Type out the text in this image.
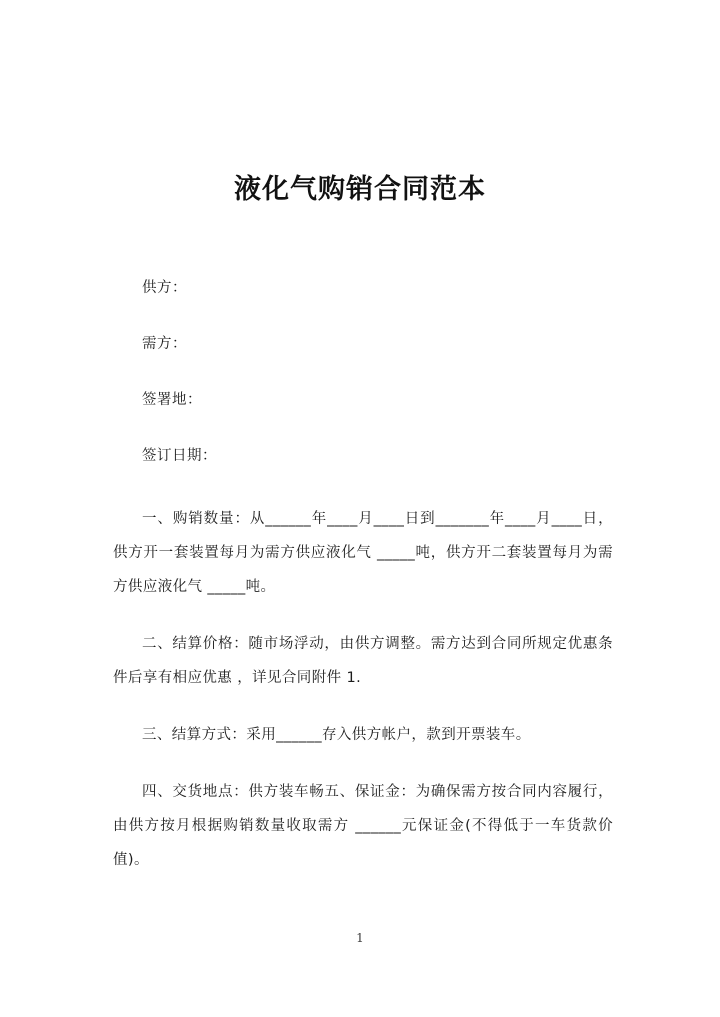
液化气购销合同范本
供方：
需方：
签署地：
签订日期：

一、购销数量：从______年____月____日到_______年____月____日，供方开一套装置每月为需方供应液化气 _____吨，供方开二套装置每月为需方供应液化气 _____吨。

二、结算价格：随市场浮动，由供方调整。需方达到合同所规定优惠条件后享有相应优惠 ，详见合同附件 1.

三、结算方式：采用______存入供方帐户，款到开票装车。

四、交货地点：供方装车畅五、保证金：为确保需方按合同内容履行，由供方按月根据购销数量收取需方 ______元保证金(不得低于一车货款价值)。

1
